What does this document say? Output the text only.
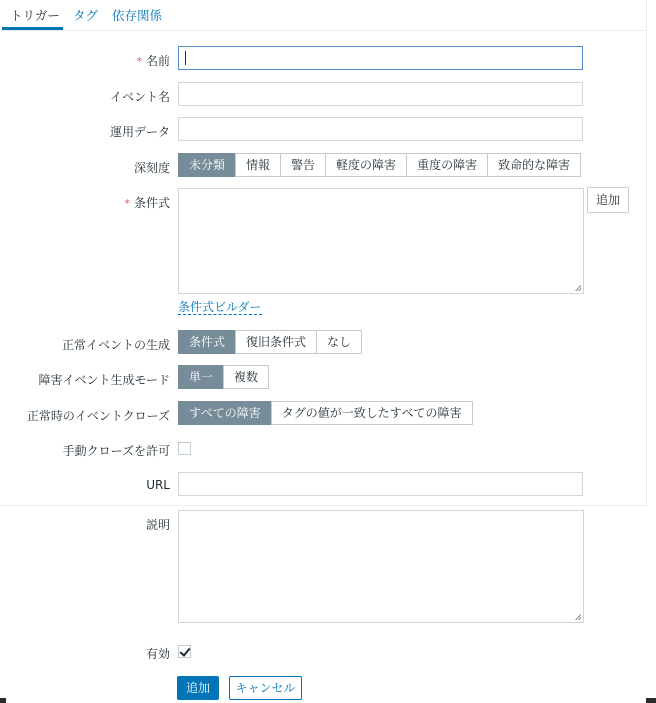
トリガー タグ 依存関係
* 名前
イベント名
運用データ
深刻度	未分類	情報	警告	軽度の障害	重度の障害	致命的な障害
* 条件式	追加
条件式ビルダー
正常イベントの生成	条件式	復旧条件式	なし
障害イベント生成モード	単一	複数
正常時のイベントクローズ	すべての障害	タグの値が一致したすべての障害
手動クローズを許可
URL
説明
有効
追加	キャンセル
